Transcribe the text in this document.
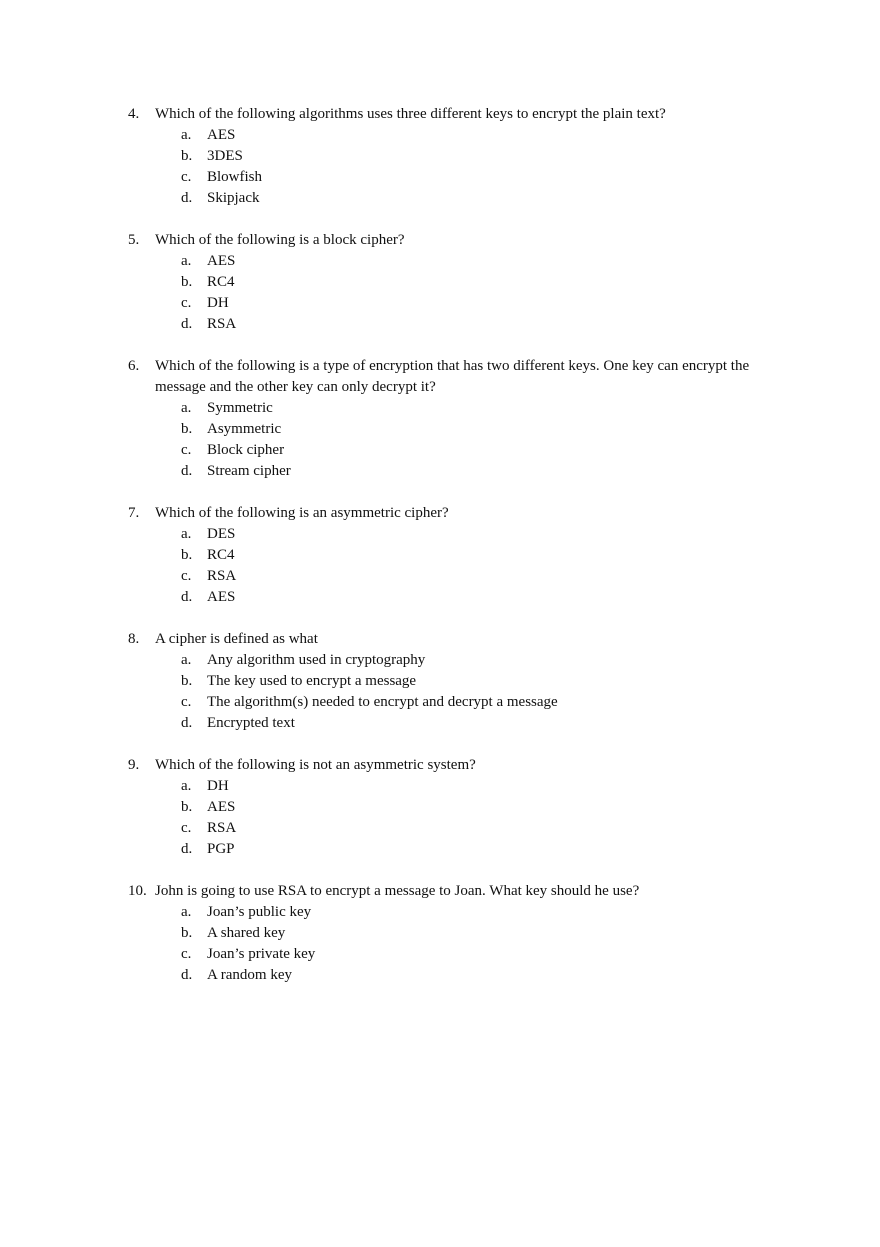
4. Which of the following algorithms uses three different keys to encrypt the plain text?
a. AES
b. 3DES
c. Blowfish
d. Skipjack
5. Which of the following is a block cipher?
a. AES
b. RC4
c. DH
d. RSA
6. Which of the following is a type of encryption that has two different keys. One key can encrypt the message and the other key can only decrypt it?
a. Symmetric
b. Asymmetric
c. Block cipher
d. Stream cipher
7. Which of the following is an asymmetric cipher?
a. DES
b. RC4
c. RSA
d. AES
8. A cipher is defined as what
a. Any algorithm used in cryptography
b. The key used to encrypt a message
c. The algorithm(s) needed to encrypt and decrypt a message
d. Encrypted text
9. Which of the following is not an asymmetric system?
a. DH
b. AES
c. RSA
d. PGP
10. John is going to use RSA to encrypt a message to Joan. What key should he use?
a. Joan’s public key
b. A shared key
c. Joan’s private key
d. A random key
